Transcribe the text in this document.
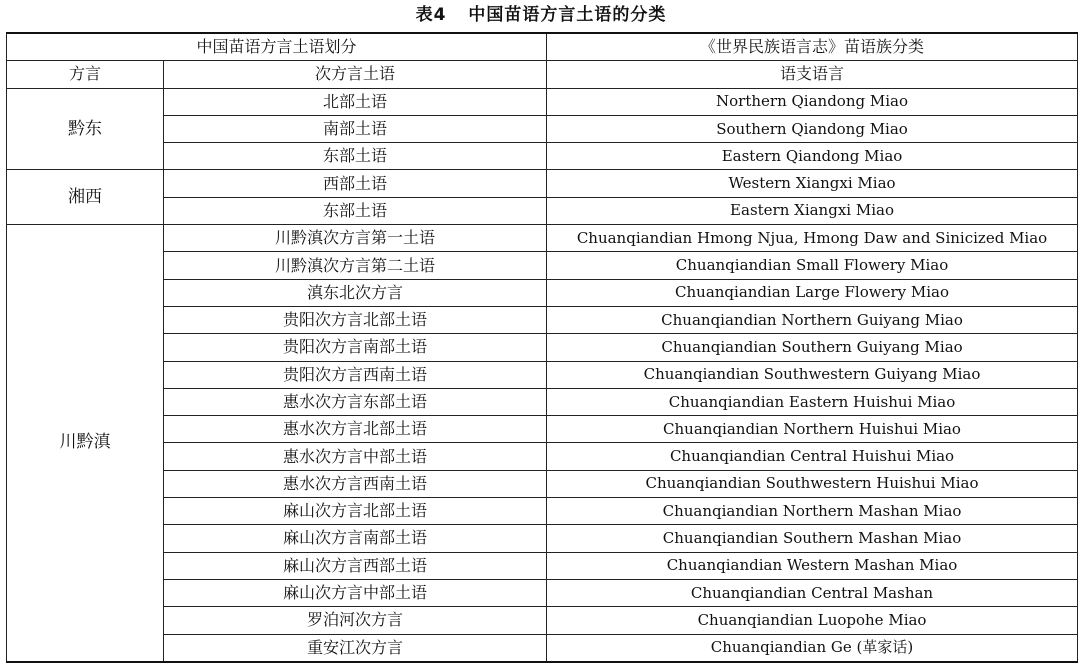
表4 中国苗语方言土语的分类
中国苗语方言土语划分		《世界民族语言志》苗语族分类
方言	次方言土语	语支语言
黔东	北部土语	Northern Qiandong Miao
	南部土语	Southern Qiandong Miao
	东部土语	Eastern Qiandong Miao
湘西	西部土语	Western Xiangxi Miao
	东部土语	Eastern Xiangxi Miao
川黔滇	川黔滇次方言第一土语	Chuanqiandian Hmong Njua, Hmong Daw and Sinicized Miao
	川黔滇次方言第二土语	Chuanqiandian Small Flowery Miao
	滇东北次方言	Chuanqiandian Large Flowery Miao
	贵阳次方言北部土语	Chuanqiandian Northern Guiyang Miao
	贵阳次方言南部土语	Chuanqiandian Southern Guiyang Miao
	贵阳次方言西南土语	Chuanqiandian Southwestern Guiyang Miao
	惠水次方言东部土语	Chuanqiandian Eastern Huishui Miao
	惠水次方言北部土语	Chuanqiandian Northern Huishui Miao
	惠水次方言中部土语	Chuanqiandian Central Huishui Miao
	惠水次方言西南土语	Chuanqiandian Southwestern Huishui Miao
	麻山次方言北部土语	Chuanqiandian Northern Mashan Miao
	麻山次方言南部土语	Chuanqiandian Southern Mashan Miao
	麻山次方言西部土语	Chuanqiandian Western Mashan Miao
	麻山次方言中部土语	Chuanqiandian Central Mashan
	罗泊河次方言	Chuanqiandian Luopohe Miao
	重安江次方言	Chuanqiandian Ge (革家话)
